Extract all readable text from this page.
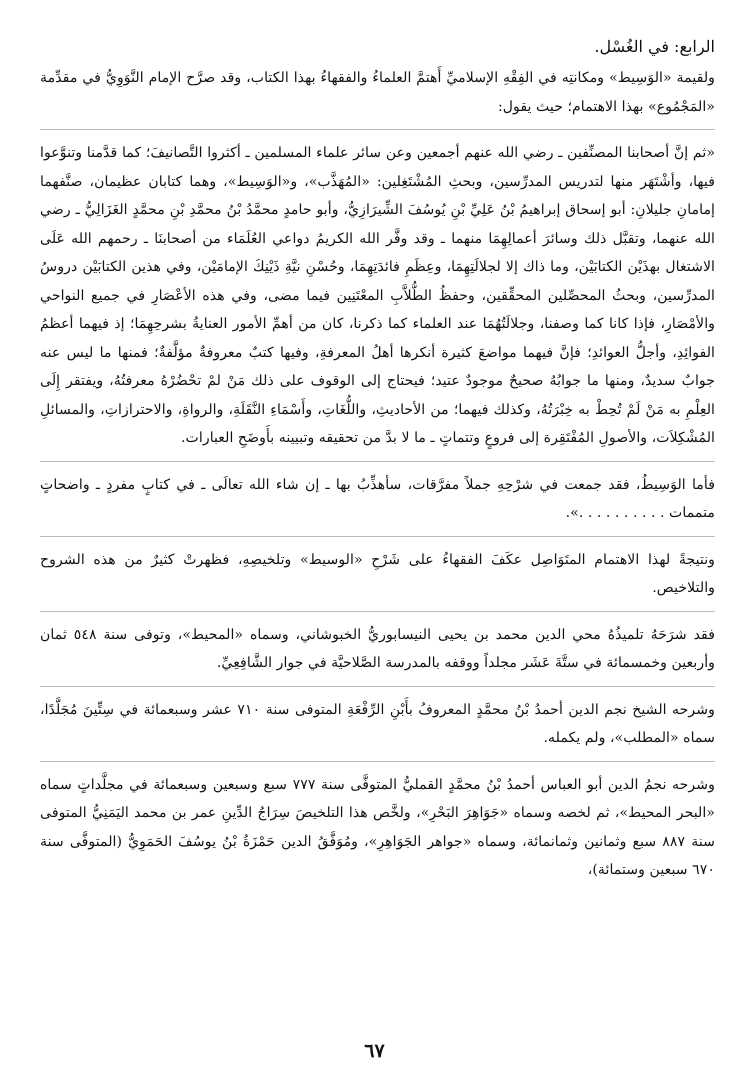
الرابع: في الغُسْل.

ولقيمة «الوَسِيط» ومكانتِه في الفِقْهِ الإسلاميِّ أَهتمَّ العلماءُ والفقهاءُ بهذا الكتاب، وقد صرَّح الإمام النَّوَوِيُّ في مقدِّمة «المَجْمُوع» بهذا الاهتمام؛ حيث يقول:

«ثم إنَّ أصحابنا المصنِّفين ـ رضي الله عنهم أجمعين وعن سائر علماء المسلمين ـ أكثروا التَّصانيفَ؛ كما قدَّمنا وتنوَّعوا فيها، وأشْتَهَر منها لتدريس المدرِّسين، وبحثِ المُشْتَغِلين: «المُهَذَّب»، و«الوَسِيط»، وهما كتابان عظيمان، صنَّفهما إمامانِ جليلانِ: أبو إسحاق إبراهيمُ بْنُ عَلِيِّ بْنِ يُوسُفَ الشِّيرَازِيُّ، وأبو حامدٍ محمَّدُ بْنُ محمَّدِ بْنِ محمَّدٍ الغَزَالِيُّ ـ رضي الله عنهما، وتقبَّل ذلك وسائرَ أعمالِهِمَا منهما ـ وقد وفَّر الله الكريمُ دواعي العُلَمَاء من أصحابنَا ـ رحمهم الله عَلَى الاشتغال بهذَيْن الكتابَيْن، وما ذاك إلا لجلالَتِهِمَا، وعِظَمِ فائدَتِهِمَا، وحُسْنِ نيَّةِ ذَيْنِكَ الإمامَيْن، وفي هذين الكتابَيْن دروسُ المدرِّسين، وبحثُ المحصِّلين المحقِّقين، وحفظُ الطُّلاَّبِ المعْتَنِين فيما مضى، وفي هذه الأعْصَارِ في جميع النواحي والأمْصَارِ، فإذا كانا كما وصفنا، وجلالَتُهُمَا عند العلماء كما ذكرنا، كان من أهمِّ الأمور العنايةُ بشرحِهِمَا؛ إذ فيهما أعظمُ الفوائِدِ، وأجلُّ العوائدِ؛ فإنَّ فيهما مواضعَ كثيرة أنكرها أهلُ المعرفةِ، وفيها كتبٌ معروفةٌ مؤلَّفةٌ؛ فمنها ما ليس عنه جوابٌ سديدٌ، ومنها ما جوابُهُ صحيحٌ موجودٌ عتيد؛ فيحتاج إلى الوقوف على ذلك مَنْ لمْ تحْضُرْهُ معرفتُهُ، ويفتقر إِلَى العِلْمِ به مَنْ لَمْ تُحِطْ به خِبْرَتُهُ، وكذلك فيهما؛ من الأحاديثِ، واللُّغَاتِ، وأَسْمَاءِ النَّقَلَةِ، والرواةِ، والاحترازاتِ، والمسائلِ المُشْكِلاَت، والأصولِ المُفْتَقِرة إلى فروعٍ وتتماتٍ ـ ما لا بدَّ من تحقيقه وتبيينه بأَوضَحِ العبارات.

فأما الوَسِيطُ، فقد جمعت في شرْحِهِ جملاً مفرَّقات، سأهذِّبُ بها ـ إن شاء الله تعالَى ـ في كتابٍ مفردٍ ـ واضحاتٍ متممات . . . . . . . . . .».

ونتيجةً لهذا الاهتمام المتَوَاصِل عكَفَ الفقهاءُ على شَرْحِ «الوسيط» وتلخيصِهِ، فظهرتْ كثيرٌ من هذه الشروح والتلاخيص.

فقد شرَحَهُ تلميذُهُ محي الدين محمد بن يحيى النيسابوريُّ الخبوشاني، وسماه «المحيط»، وتوفى سنة ٥٤٨ ثمان وأربعين وخمسمائة في ستَّةَ عَشَر مجلداً ووقفه بالمدرسة الصَّلاحيَّة في جوار الشَّافِعِيِّ.

وشرحه الشيخ نجم الدين أحمدُ بْنُ محمَّدٍ المعروفُ بأَبْنِ الرِّفْعَةِ المتوفى سنة ٧١٠ عشر وسبعمائة في سِتِّينَ مُجَلَّدًا، سماه «المطلب»، ولم يكمله.

وشرحه نجمُ الدين أبو العباس أحمدُ بْنُ محمَّدٍ القمليُّ المتوفَّى سنة ٧٧٧ سبع وسبعين وسبعمائة في مجلَّداتٍ سماه «البحر المحيط»، ثم لخصه وسماه «جَوَاهِرَ البَحْرِ»، ولخَّص هذا التلخيصَ سِرَاجُ الدِّينِ عمر بن محمد اليَمَنِيُّ المتوفى سنة ٨٨٧ سبع وثمانين وثمانمائة، وسماه «جواهر الجَوَاهِرِ»، ومُوَفَّقُ الدين حَمْزَةُ بْنُ يوسُفَ الحَمَوِيُّ (المتوفَّى سنة ٦٧٠ سبعين وستمائة)،

٦٧
